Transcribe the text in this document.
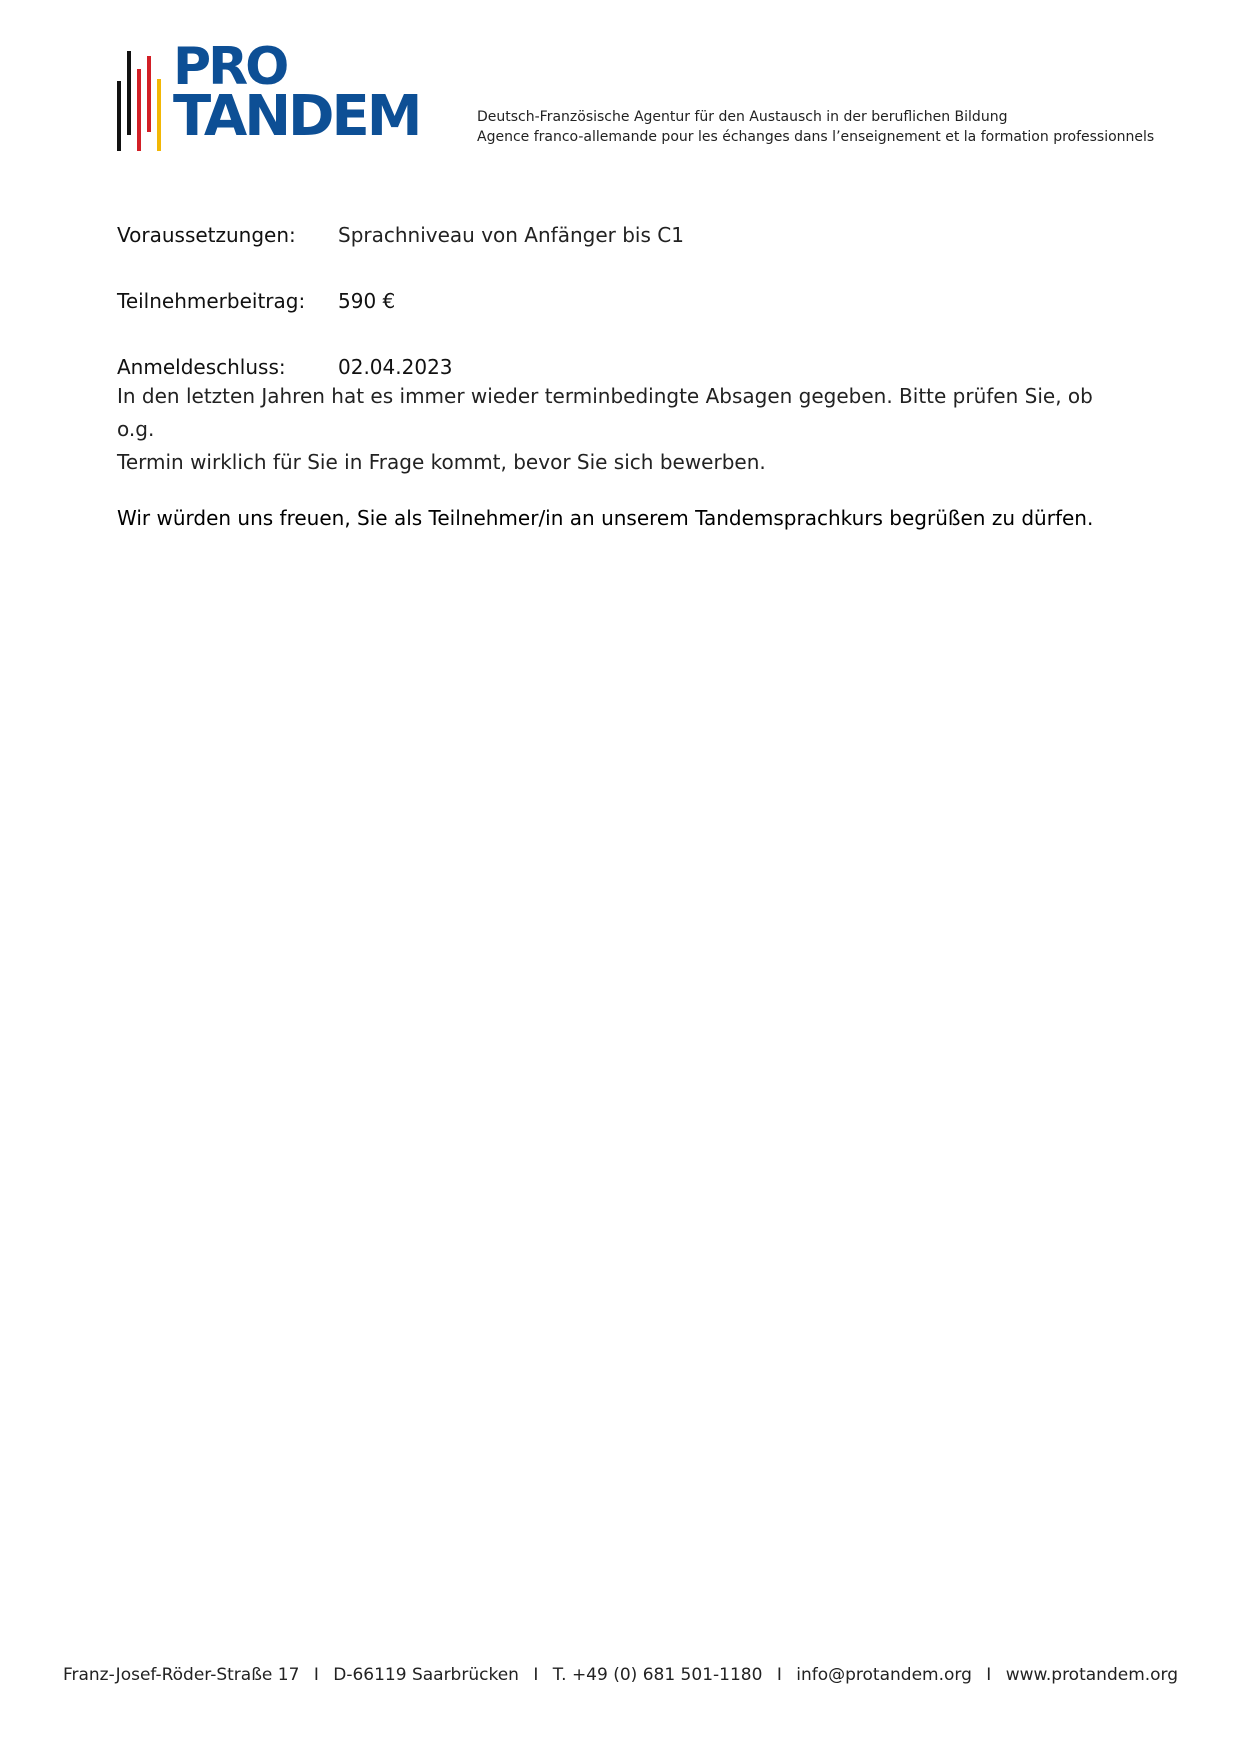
PRO
TANDEM	Deutsch-Französische Agentur für den Austausch in der beruflichen Bildung
Agence franco-allemande pour les échanges dans l’enseignement et la formation professionnels
Voraussetzungen: Sprachniveau von Anfänger bis C1
Teilnehmerbeitrag: 590 €
Anmeldeschluss:	02.04.2023

In den letzten Jahren hat es immer wieder terminbedingte Absagen gegeben. Bitte prüfen Sie, ob o.g.
Termin wirklich für Sie in Frage kommt, bevor Sie sich bewerben.

Wir würden uns freuen, Sie als Teilnehmer/in an unserem Tandemsprachkurs begrüßen zu dürfen.

Franz-Josef-Röder-Straße 17 I D-66119 Saarbrücken I T. +49 (0) 681 501-1180 I info@protandem.org I www.protandem.org
